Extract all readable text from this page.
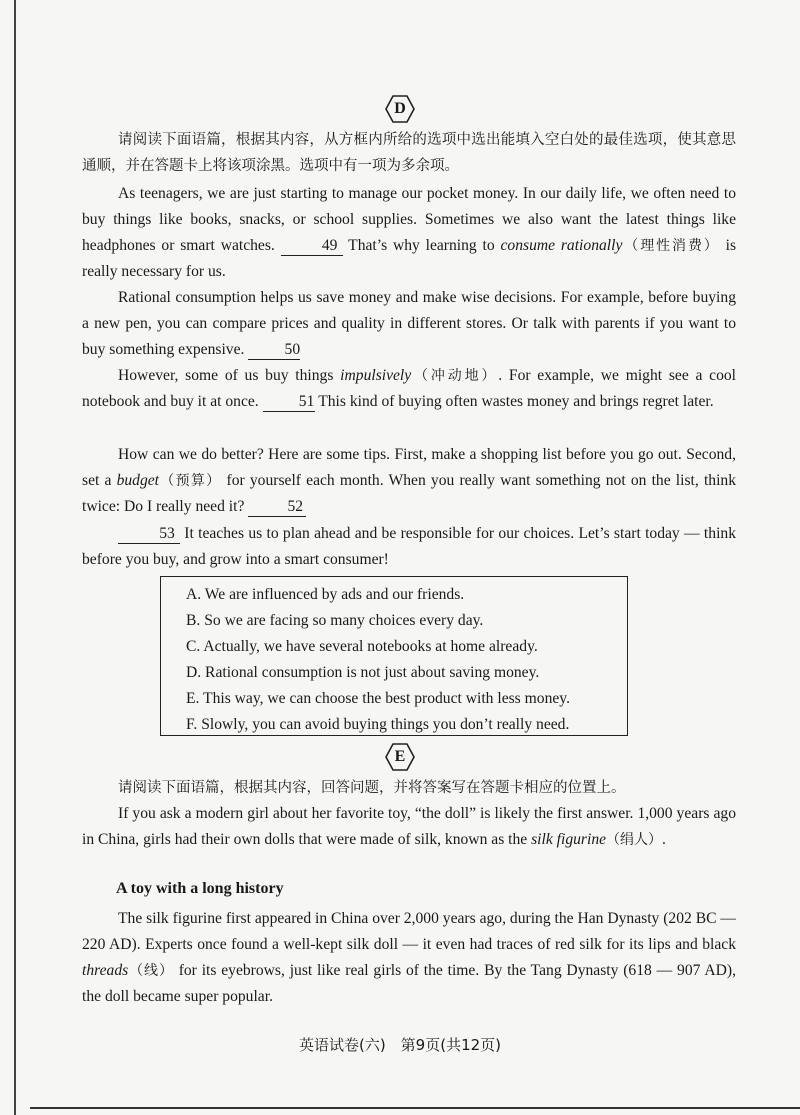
D

请阅读下面语篇，根据其内容，从方框内所给的选项中选出能填入空白处的最佳选项，使其意思通顺，并在答题卡上将该项涂黑。选项中有一项为多余项。

As teenagers, we are just starting to manage our pocket money. In our daily life, we often need to buy things like books, snacks, or school supplies. Sometimes we also want the latest things like headphones or smart watches.	49 That’s why learning to consume rationally（理性消费） is really necessary for us.

Rational consumption helps us save money and make wise decisions. For example, before buying a new pen, you can compare prices and quality in different stores. Or talk with parents if you want to buy something expensive. 50

However, some of us buy things impulsively（冲动地）. For example, we might see a cool notebook and buy it at once. 51 This kind of buying often wastes money and brings regret later.

How can we do better? Here are some tips. First, make a shopping list before you go out. Second, set a budget（预算） for yourself each month. When you really want something not on the list, think twice: Do I really need it?	52

53 It teaches us to plan ahead and be responsible for our choices. Let’s start today — think before you buy, and grow into a smart consumer!

A. We are influenced by ads and our friends.
B. So we are facing so many choices every day.
C. Actually, we have several notebooks at home already.
D. Rational consumption is not just about saving money.
E. This way, we can choose the best product with less money.
F. Slowly, you can avoid buying things you don’t really need.
E

请阅读下面语篇，根据其内容，回答问题，并将答案写在答题卡相应的位置上。

If you ask a modern girl about her favorite toy, “the doll” is likely the first answer. 1,000 years ago in China, girls had their own dolls that were made of silk, known as the silk figurine（绢人）.

A toy with a long history

The silk figurine first appeared in China over 2,000 years ago, during the Han Dynasty (202 BC — 220 AD). Experts once found a well-kept silk doll — it even had traces of red silk for its lips and black threads（线） for its eyebrows, just like real girls of the time. By the Tang Dynasty (618 — 907 AD), the doll became super popular.

英语试卷(六)　第9页(共12页)
